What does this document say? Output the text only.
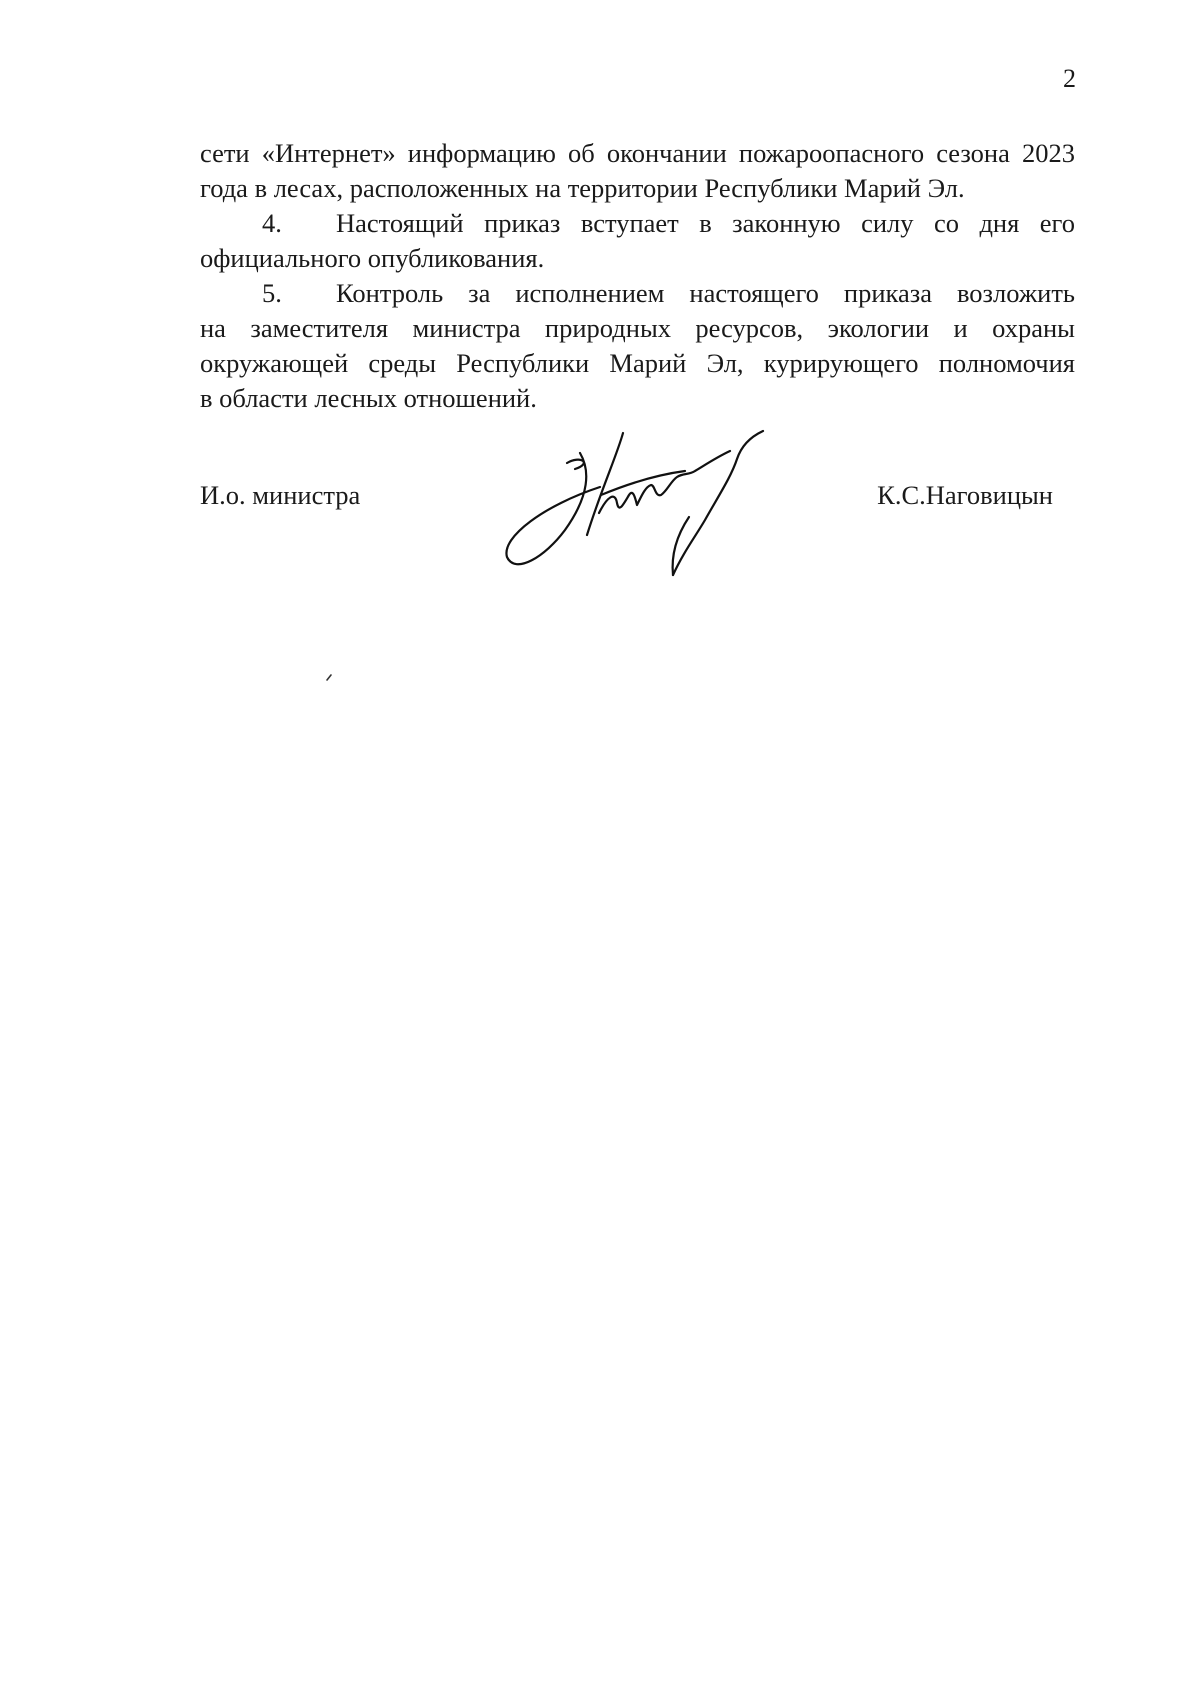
2
сети «Интернет» информацию об окончании пожароопасного сезона 2023
года в лесах, расположенных на территории Республики Марий Эл.
4. Настоящий приказ вступает в законную силу со дня его
официального опубликования.
5. Контроль за исполнением настоящего приказа возложить
на заместителя министра природных ресурсов, экологии и охраны
окружающей среды Республики Марий Эл, курирующего полномочия
в области лесных отношений.
И.о. министра	К.С.Наговицын
